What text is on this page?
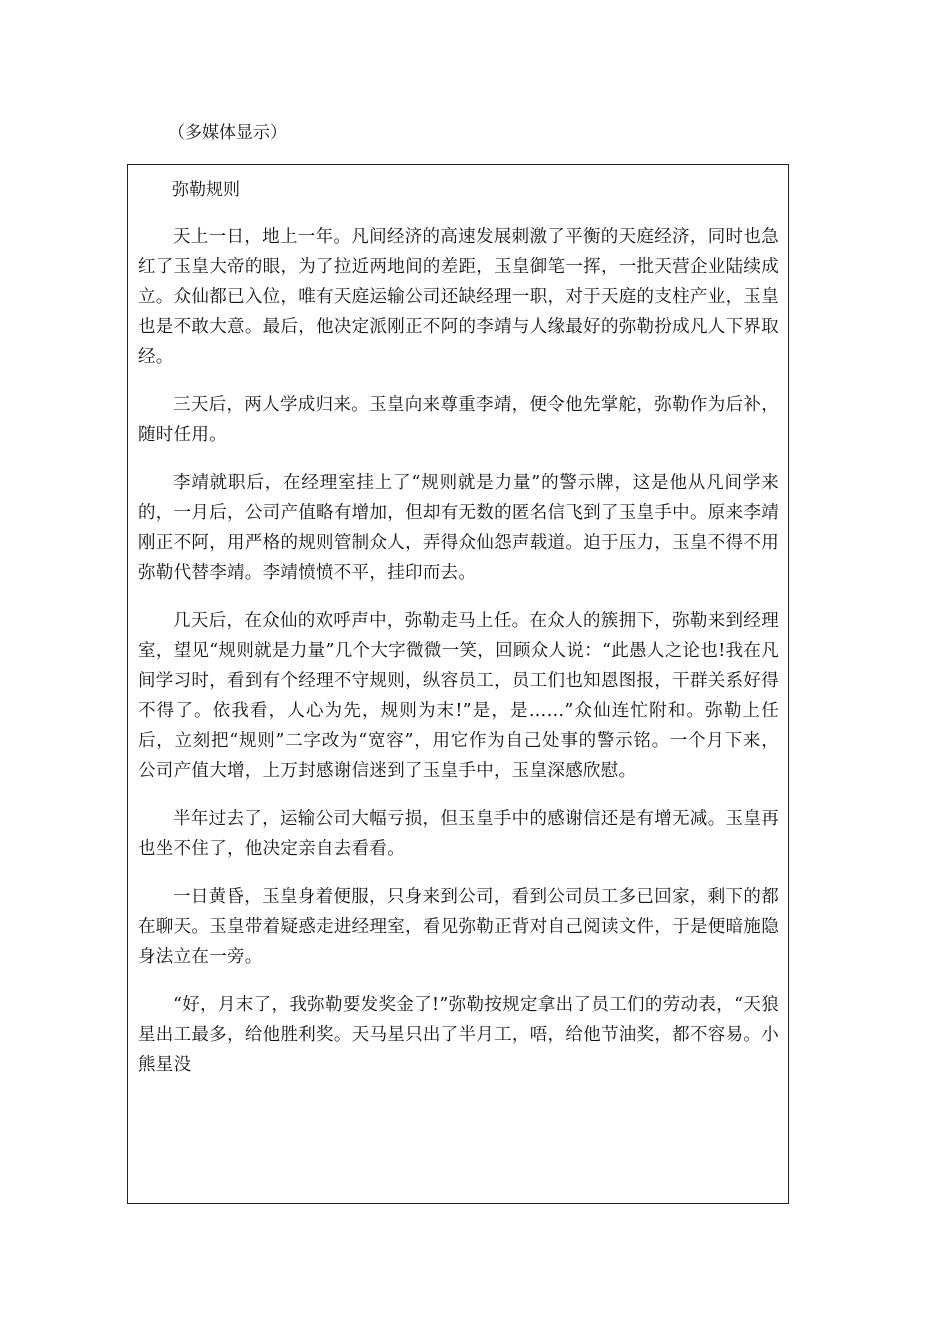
（多媒体显示）
弥勒规则

天上一日，地上一年。凡间经济的高速发展刺激了平衡的天庭经济，同时也急红了玉皇大帝的眼，为了拉近两地间的差距，玉皇御笔一挥，一批天营企业陆续成立。众仙都已入位，唯有天庭运输公司还缺经理一职，对于天庭的支柱产业，玉皇也是不敢大意。最后，他决定派刚正不阿的李靖与人缘最好的弥勒扮成凡人下界取经。

三天后，两人学成归来。玉皇向来尊重李靖，便令他先掌舵，弥勒作为后补，随时任用。

李靖就职后，在经理室挂上了“规则就是力量”的警示牌，这是他从凡间学来的，一月后，公司产值略有增加，但却有无数的匿名信飞到了玉皇手中。原来李靖刚正不阿，用严格的规则管制众人，弄得众仙怨声载道。迫于压力，玉皇不得不用弥勒代替李靖。李靖愤愤不平，挂印而去。

几天后，在众仙的欢呼声中，弥勒走马上任。在众人的簇拥下，弥勒来到经理室，望见“规则就是力量”几个大字微微一笑，回顾众人说：“此愚人之论也!我在凡间学习时，看到有个经理不守规则，纵容员工，员工们也知恩图报，干群关系好得不得了。依我看，人心为先，规则为末!”是，是……”众仙连忙附和。弥勒上任后，立刻把“规则”二字改为“宽容”，用它作为自己处事的警示铭。一个月下来，公司产值大增，上万封感谢信迷到了玉皇手中，玉皇深感欣慰。

半年过去了，运输公司大幅亏损，但玉皇手中的感谢信还是有增无减。玉皇再也坐不住了，他决定亲自去看看。

一日黄昏，玉皇身着便服，只身来到公司，看到公司员工多已回家，剩下的都在聊天。玉皇带着疑惑走进经理室，看见弥勒正背对自己阅读文件，于是便暗施隐身法立在一旁。

“好，月末了，我弥勒要发奖金了!”弥勒按规定拿出了员工们的劳动表，“天狼星出工最多，给他胜利奖。天马星只出了半月工，唔，给他节油奖，都不容易。小熊星没
